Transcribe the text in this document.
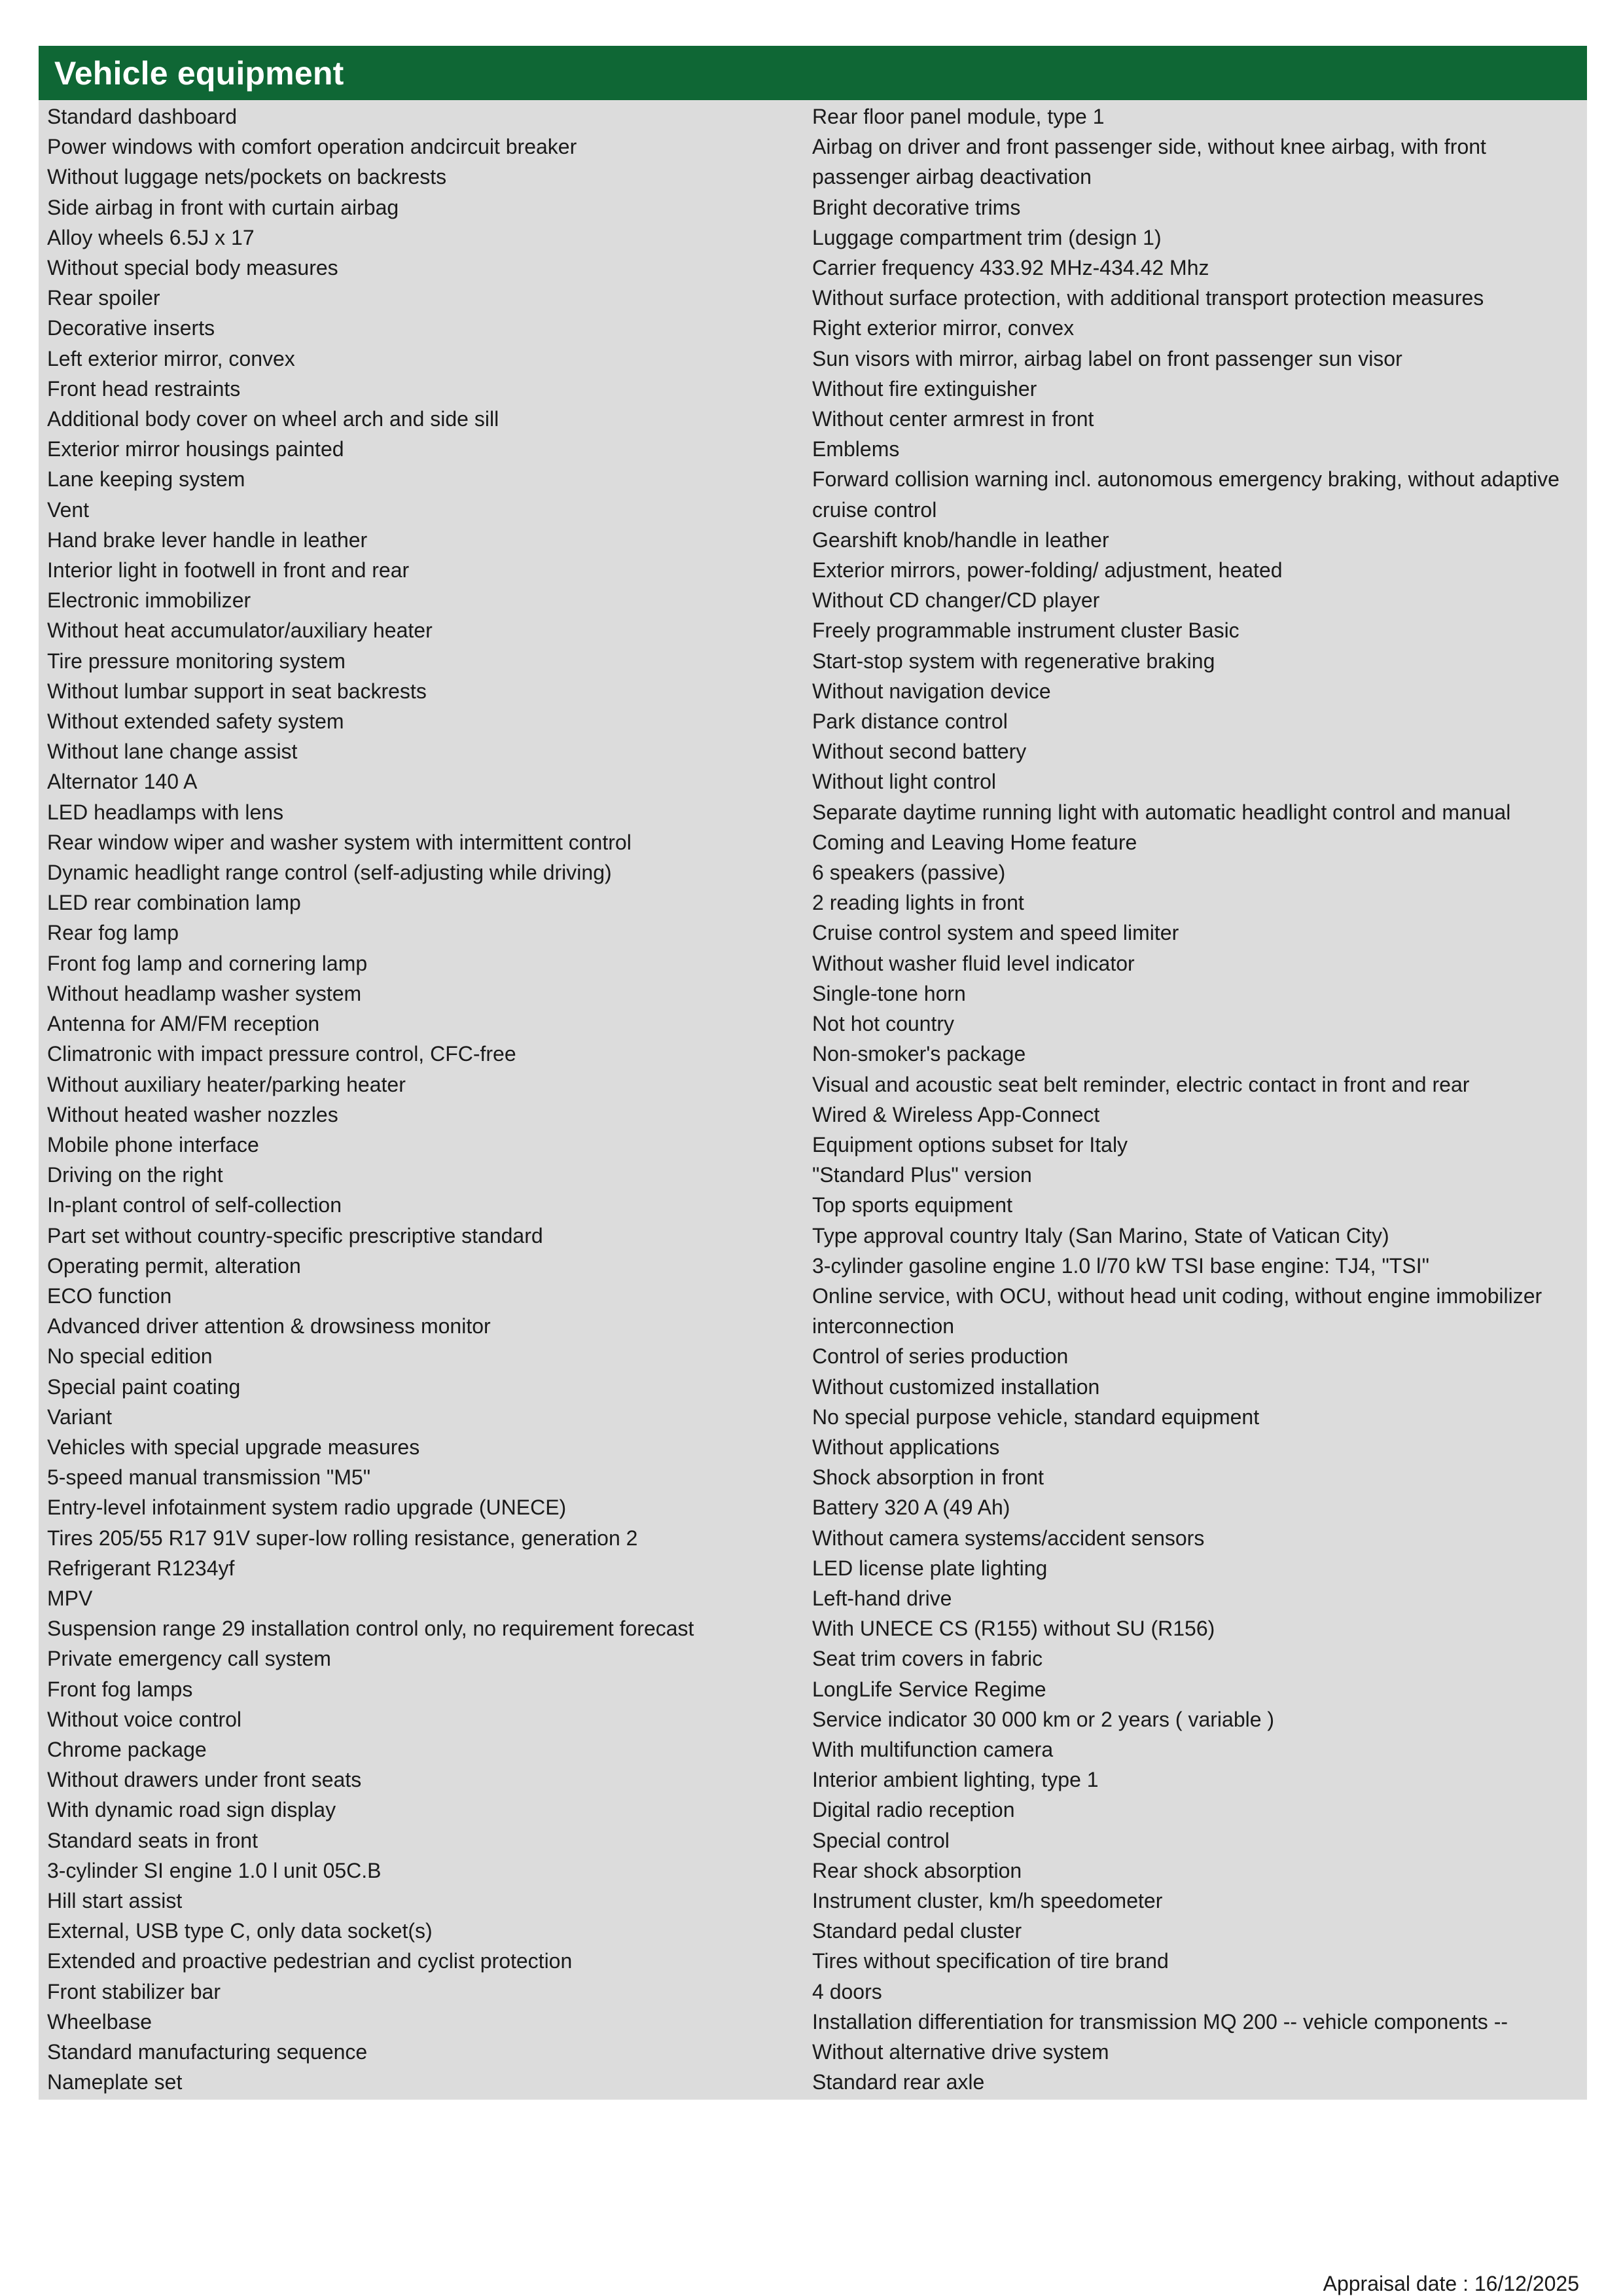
Vehicle equipment
Standard dashboard
Power windows with comfort operation andcircuit breaker
Without luggage nets/pockets on backrests
Side airbag in front with curtain airbag
Alloy wheels 6.5J x 17
Without special body measures
Rear spoiler
Decorative inserts
Left exterior mirror, convex
Front head restraints
Additional body cover on wheel arch and side sill
Exterior mirror housings painted
Lane keeping system
Vent
Hand brake lever handle in leather
Interior light in footwell in front and rear
Electronic immobilizer
Without heat accumulator/auxiliary heater
Tire pressure monitoring system
Without lumbar support in seat backrests
Without extended safety system
Without lane change assist
Alternator 140 A
LED headlamps with lens
Rear window wiper and washer system with intermittent control
Dynamic headlight range control (self-adjusting while driving)
LED rear combination lamp
Rear fog lamp
Front fog lamp and cornering lamp
Without headlamp washer system
Antenna for AM/FM reception
Climatronic with impact pressure control, CFC-free
Without auxiliary heater/parking heater
Without heated washer nozzles
Mobile phone interface
Driving on the right
In-plant control of self-collection
Part set without country-specific prescriptive standard
Operating permit, alteration
ECO function
Advanced driver attention & drowsiness monitor
No special edition
Special paint coating
Variant
Vehicles with special upgrade measures
5-speed manual transmission "M5"
Entry-level infotainment system radio upgrade (UNECE)
Tires 205/55 R17 91V super-low rolling resistance, generation 2
Refrigerant R1234yf
MPV
Suspension range 29 installation control only, no requirement forecast
Private emergency call system
Front fog lamps
Without voice control
Chrome package
Without drawers under front seats
With dynamic road sign display
Standard seats in front
3-cylinder SI engine 1.0 l unit 05C.B
Hill start assist
External, USB type C, only data socket(s)
Extended and proactive pedestrian and cyclist protection
Front stabilizer bar
Wheelbase
Standard manufacturing sequence
Nameplate set
Rear floor panel module, type 1
Airbag on driver and front passenger side, without knee airbag, with front passenger airbag deactivation
Bright decorative trims
Luggage compartment trim (design 1)
Carrier frequency 433.92 MHz-434.42 Mhz
Without surface protection, with additional transport protection measures
Right exterior mirror, convex
Sun visors with mirror, airbag label on front passenger sun visor
Without fire extinguisher
Without center armrest in front
Emblems
Forward collision warning incl. autonomous emergency braking, without adaptive cruise control
Gearshift knob/handle in leather
Exterior mirrors, power-folding/ adjustment, heated
Without CD changer/CD player
Freely programmable instrument cluster Basic
Start-stop system with regenerative braking
Without navigation device
Park distance control
Without second battery
Without light control
Separate daytime running light with automatic headlight control and manual
Coming and Leaving Home feature
6 speakers (passive)
2 reading lights in front
Cruise control system and speed limiter
Without washer fluid level indicator
Single-tone horn
Not hot country
Non-smoker's package
Visual and acoustic seat belt reminder, electric contact in front and rear
Wired & Wireless App-Connect
Equipment options subset for Italy
"Standard Plus" version
Top sports equipment
Type approval country Italy (San Marino, State of Vatican City)
3-cylinder gasoline engine 1.0 l/70 kW TSI base engine: TJ4, "TSI"
Online service, with OCU, without head unit coding, without engine immobilizer interconnection
Control of series production
Without customized installation
No special purpose vehicle, standard equipment
Without applications
Shock absorption in front
Battery 320 A (49 Ah)
Without camera systems/accident sensors
LED license plate lighting
Left-hand drive
With UNECE CS (R155) without SU (R156)
Seat trim covers in fabric
LongLife Service Regime
Service indicator 30 000 km or 2 years ( variable )
With multifunction camera
Interior ambient lighting, type 1
Digital radio reception
Special control
Rear shock absorption
Instrument cluster, km/h speedometer
Standard pedal cluster
Tires without specification of tire brand
4 doors
Installation differentiation for transmission MQ 200 -- vehicle components --
Without alternative drive system
Standard rear axle
Appraisal date : 16/12/2025
